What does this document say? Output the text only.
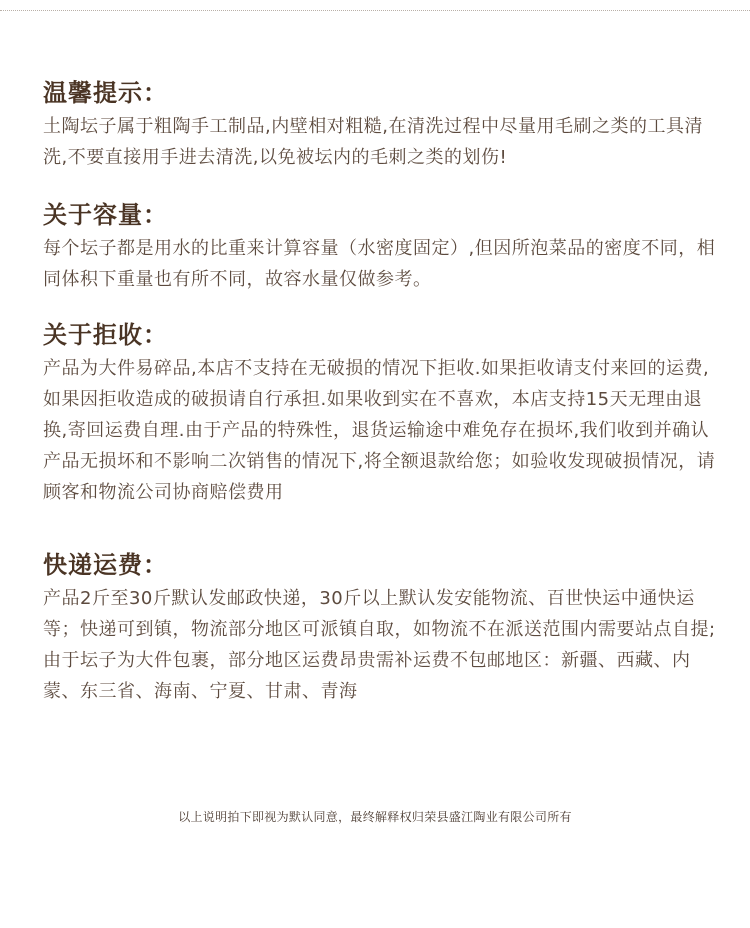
温馨提示：

土陶坛子属于粗陶手工制品,内壁相对粗糙,在清洗过程中尽量用毛刷之类的工具清洗,不要直接用手进去清洗,以免被坛内的毛刺之类的划伤!

关于容量：

每个坛子都是用水的比重来计算容量（水密度固定）,但因所泡菜品的密度不同，相同体积下重量也有所不同，故容水量仅做参考。

关于拒收：

产品为大件易碎品,本店不支持在无破损的情况下拒收.如果拒收请支付来回的运费,如果因拒收造成的破损请自行承担.如果收到实在不喜欢，本店支持15天无理由退换,寄回运费自理.由于产品的特殊性，退货运输途中难免存在损坏,我们收到并确认产品无损坏和不影响二次销售的情况下,将全额退款给您；如验收发现破损情况，请顾客和物流公司协商赔偿费用

快递运费：

产品2斤至30斤默认发邮政快递，30斤以上默认发安能物流、百世快运中通快运等；快递可到镇，物流部分地区可派镇自取，如物流不在派送范围内需要站点自提;由于坛子为大件包裹，部分地区运费昂贵需补运费不包邮地区：新疆、西藏、内蒙、东三省、海南、宁夏、甘肃、青海

以上说明拍下即视为默认同意，最终解释权归荣县盛江陶业有限公司所有
